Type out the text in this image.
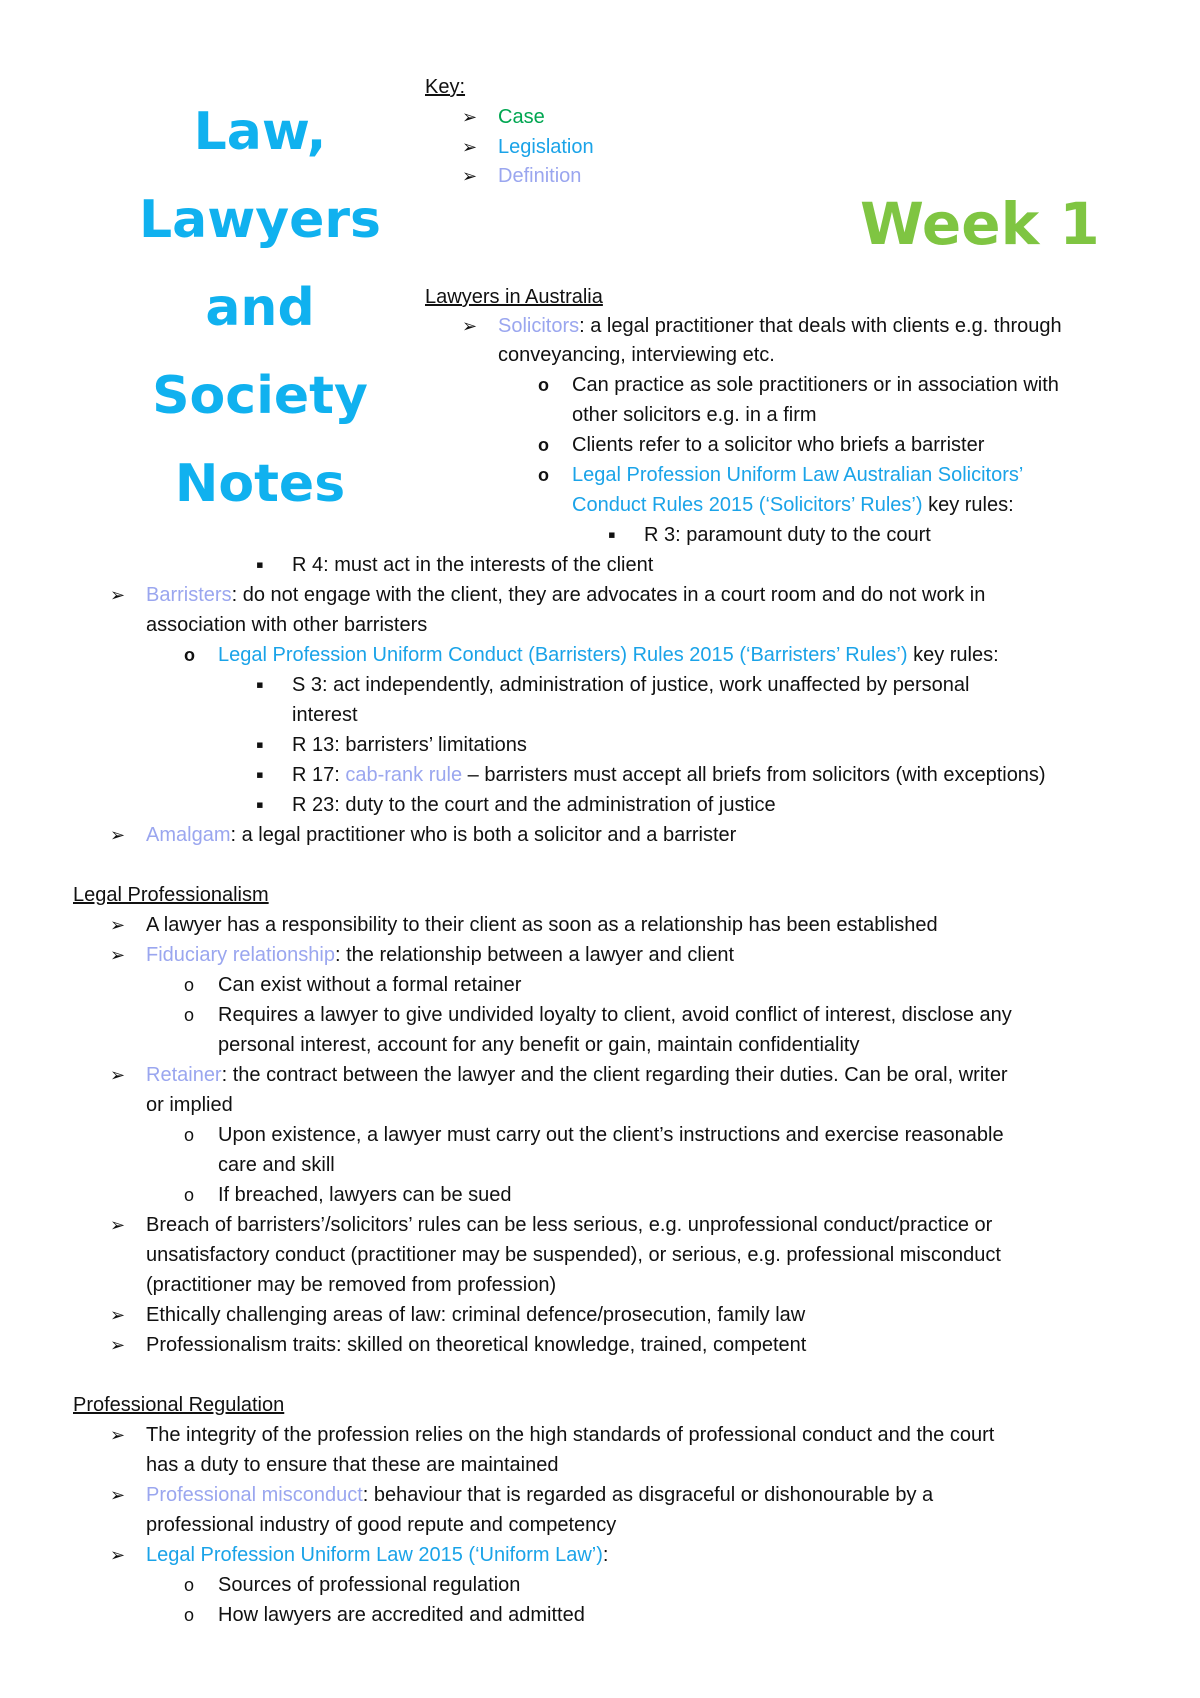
Law,
Lawyers
and
Society
Notes
Week 1
Key:
➢
Case
➢
Legislation
➢
Definition
Lawyers in Australia
➢
Solicitors: a legal practitioner that deals with clients e.g. through
conveyancing, interviewing etc.
o
Can practice as sole practitioners or in association with
other solicitors e.g. in a firm
o
Clients refer to a solicitor who briefs a barrister
o
Legal Profession Uniform Law Australian Solicitors’
Conduct Rules 2015 (‘Solicitors’ Rules’) key rules:
▪
R 3: paramount duty to the court
▪
R 4: must act in the interests of the client
➢
Barristers: do not engage with the client, they are advocates in a court room and do not work in
association with other barristers
o
Legal Profession Uniform Conduct (Barristers) Rules 2015 (‘Barristers’ Rules’) key rules:
▪
S 3: act independently, administration of justice, work unaffected by personal
interest
▪
R 13: barristers’ limitations
▪
R 17: cab-rank rule – barristers must accept all briefs from solicitors (with exceptions)
▪
R 23: duty to the court and the administration of justice
➢
Amalgam: a legal practitioner who is both a solicitor and a barrister
Legal Professionalism
➢
A lawyer has a responsibility to their client as soon as a relationship has been established
➢
Fiduciary relationship: the relationship between a lawyer and client
o
Can exist without a formal retainer
o
Requires a lawyer to give undivided loyalty to client, avoid conflict of interest, disclose any
personal interest, account for any benefit or gain, maintain confidentiality
➢
Retainer: the contract between the lawyer and the client regarding their duties. Can be oral, writer
or implied
o
Upon existence, a lawyer must carry out the client’s instructions and exercise reasonable
care and skill
o
If breached, lawyers can be sued
➢
Breach of barristers’/solicitors’ rules can be less serious, e.g. unprofessional conduct/practice or
unsatisfactory conduct (practitioner may be suspended), or serious, e.g. professional misconduct
(practitioner may be removed from profession)
➢
Ethically challenging areas of law: criminal defence/prosecution, family law
➢
Professionalism traits: skilled on theoretical knowledge, trained, competent
Professional Regulation
➢
The integrity of the profession relies on the high standards of professional conduct and the court
has a duty to ensure that these are maintained
➢
Professional misconduct: behaviour that is regarded as disgraceful or dishonourable by a
professional industry of good repute and competency
➢
Legal Profession Uniform Law 2015 (‘Uniform Law’):
o
Sources of professional regulation
o
How lawyers are accredited and admitted
